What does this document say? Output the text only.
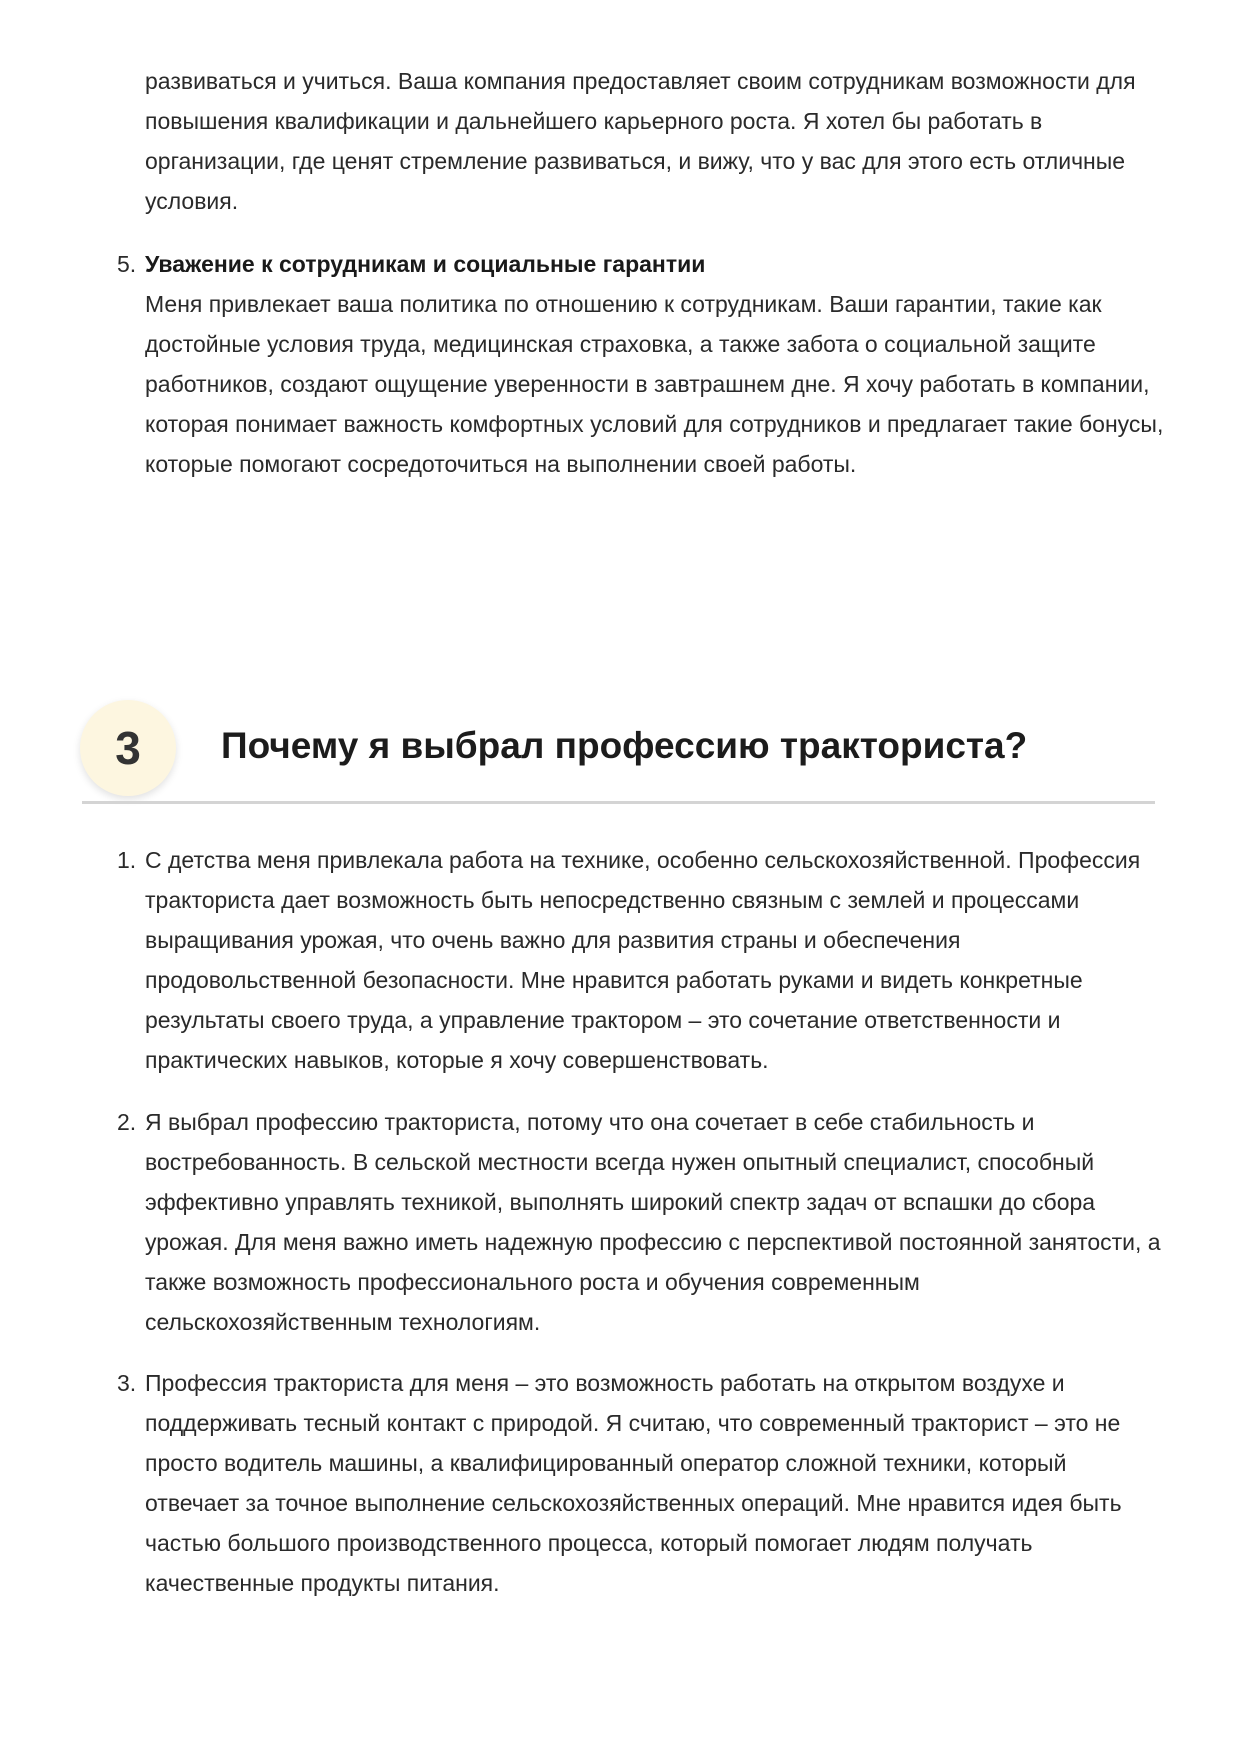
развиваться и учиться. Ваша компания предоставляет своим сотрудникам возможности для повышения квалификации и дальнейшего карьерного роста. Я хотел бы работать в организации, где ценят стремление развиваться, и вижу, что у вас для этого есть отличные условия.

5. Уважение к сотрудникам и социальные гарантии
Меня привлекает ваша политика по отношению к сотрудникам. Ваши гарантии, такие как достойные условия труда, медицинская страховка, а также забота о социальной защите работников, создают ощущение уверенности в завтрашнем дне. Я хочу работать в компании, которая понимает важность комфортных условий для сотрудников и предлагает такие бонусы, которые помогают сосредоточиться на выполнении своей работы.
3	Почему я выбрал профессию тракториста?
1. С детства меня привлекала работа на технике, особенно сельскохозяйственной. Профессия тракториста дает возможность быть непосредственно связным с землей и процессами выращивания урожая, что очень важно для развития страны и обеспечения продовольственной безопасности. Мне нравится работать руками и видеть конкретные результаты своего труда, а управление трактором – это сочетание ответственности и практических навыков, которые я хочу совершенствовать.

2. Я выбрал профессию тракториста, потому что она сочетает в себе стабильность и востребованность. В сельской местности всегда нужен опытный специалист, способный эффективно управлять техникой, выполнять широкий спектр задач от вспашки до сбора урожая. Для меня важно иметь надежную профессию с перспективой постоянной занятости, а также возможность профессионального роста и обучения современным сельскохозяйственным технологиям.

3. Профессия тракториста для меня – это возможность работать на открытом воздухе и поддерживать тесный контакт с природой. Я считаю, что современный тракторист – это не просто водитель машины, а квалифицированный оператор сложной техники, который отвечает за точное выполнение сельскохозяйственных операций. Мне нравится идея быть частью большого производственного процесса, который помогает людям получать качественные продукты питания.
